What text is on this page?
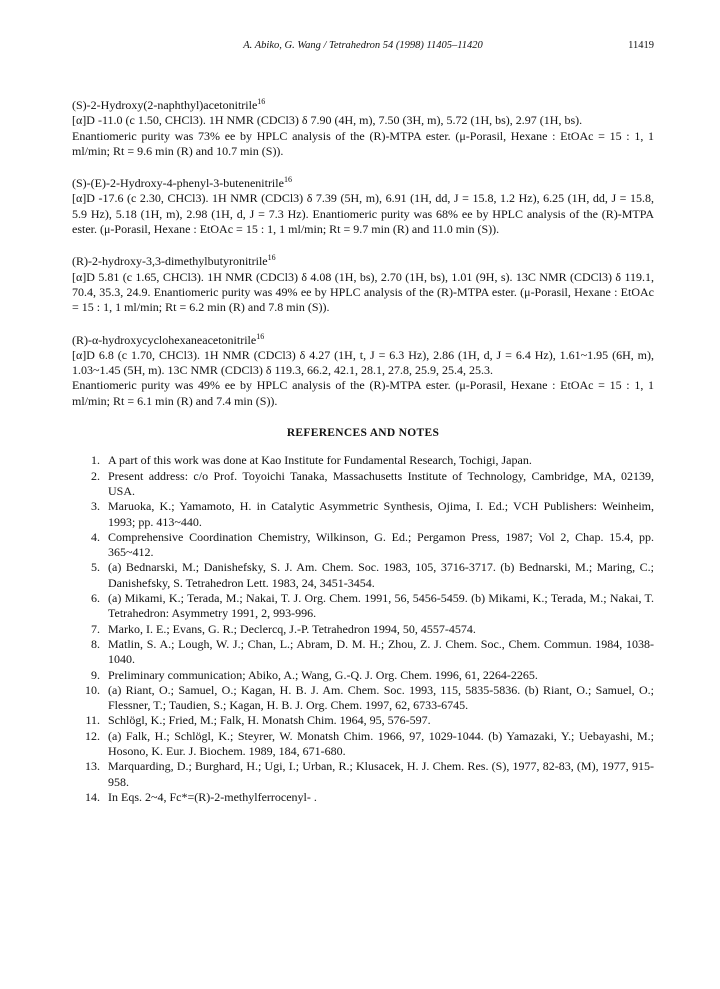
A. Abiko, G. Wang / Tetrahedron 54 (1998) 11405–11420	11419

(S)-2-Hydroxy(2-naphthyl)acetonitrile$^{16}$

[α]D -11.0 (c 1.50, CHCl3). 1H NMR (CDCl3) δ 7.90 (4H, m), 7.50 (3H, m), 5.72 (1H, bs), 2.97 (1H, bs).

Enantiomeric purity was 73% ee by HPLC analysis of the (R)-MTPA ester. (μ-Porasil, Hexane : EtOAc = 15 : 1, 1 ml/min; Rt = 9.6 min (R) and 10.7 min (S)).

(S)-(E)-2-Hydroxy-4-phenyl-3-butenenitrile$^{16}$

[α]D -17.6 (c 2.30, CHCl3). 1H NMR (CDCl3) δ 7.39 (5H, m), 6.91 (1H, dd, J = 15.8, 1.2 Hz), 6.25 (1H, dd, J = 15.8, 5.9 Hz), 5.18 (1H, m), 2.98 (1H, d, J = 7.3 Hz). Enantiomeric purity was 68% ee by HPLC analysis of the (R)-MTPA ester. (μ-Porasil, Hexane : EtOAc = 15 : 1, 1 ml/min; Rt = 9.7 min (R) and 11.0 min (S)).

(R)-2-hydroxy-3,3-dimethylbutyronitrile$^{16}$

[α]D 5.81 (c 1.65, CHCl3). 1H NMR (CDCl3) δ 4.08 (1H, bs), 2.70 (1H, bs), 1.01 (9H, s). 13C NMR (CDCl3) δ 119.1, 70.4, 35.3, 24.9. Enantiomeric purity was 49% ee by HPLC analysis of the (R)-MTPA ester. (μ-Porasil, Hexane : EtOAc = 15 : 1, 1 ml/min; Rt = 6.2 min (R) and 7.8 min (S)).

(R)-α-hydroxycyclohexaneacetonitrile$^{16}$

[α]D 6.8 (c 1.70, CHCl3). 1H NMR (CDCl3) δ 4.27 (1H, t, J = 6.3 Hz), 2.86 (1H, d, J = 6.4 Hz), 1.61~1.95 (6H, m), 1.03~1.45 (5H, m). 13C NMR (CDCl3) δ 119.3, 66.2, 42.1, 28.1, 27.8, 25.9, 25.4, 25.3.

Enantiomeric purity was 49% ee by HPLC analysis of the (R)-MTPA ester. (μ-Porasil, Hexane : EtOAc = 15 : 1, 1 ml/min; Rt = 6.1 min (R) and 7.4 min (S)).

REFERENCES AND NOTES
1. A part of this work was done at Kao Institute for Fundamental Research, Tochigi, Japan.
2. Present address: c/o Prof. Toyoichi Tanaka, Massachusetts Institute of Technology, Cambridge, MA, 02139, USA.
3. Maruoka, K.; Yamamoto, H. in Catalytic Asymmetric Synthesis, Ojima, I. Ed.; VCH Publishers: Weinheim, 1993; pp. 413~440.
4. Comprehensive Coordination Chemistry, Wilkinson, G. Ed.; Pergamon Press, 1987; Vol 2, Chap. 15.4, pp. 365~412.
5. (a) Bednarski, M.; Danishefsky, S. J. Am. Chem. Soc. 1983, 105, 3716-3717. (b) Bednarski, M.; Maring, C.; Danishefsky, S. Tetrahedron Lett. 1983, 24, 3451-3454.
6. (a) Mikami, K.; Terada, M.; Nakai, T. J. Org. Chem. 1991, 56, 5456-5459. (b) Mikami, K.; Terada, M.; Nakai, T. Tetrahedron: Asymmetry 1991, 2, 993-996.
7. Marko, I. E.; Evans, G. R.; Declercq, J.-P. Tetrahedron 1994, 50, 4557-4574.
8. Matlin, S. A.; Lough, W. J.; Chan, L.; Abram, D. M. H.; Zhou, Z. J. Chem. Soc., Chem. Commun. 1984, 1038-1040.
9. Preliminary communication; Abiko, A.; Wang, G.-Q. J. Org. Chem. 1996, 61, 2264-2265.
10. (a) Riant, O.; Samuel, O.; Kagan, H. B. J. Am. Chem. Soc. 1993, 115, 5835-5836. (b) Riant, O.; Samuel, O.; Flessner, T.; Taudien, S.; Kagan, H. B. J. Org. Chem. 1997, 62, 6733-6745.
11. Schlögl, K.; Fried, M.; Falk, H. Monatsh Chim. 1964, 95, 576-597.
12. (a) Falk, H.; Schlögl, K.; Steyrer, W. Monatsh Chim. 1966, 97, 1029-1044. (b) Yamazaki, Y.; Uebayashi, M.; Hosono, K. Eur. J. Biochem. 1989, 184, 671-680.
13. Marquarding, D.; Burghard, H.; Ugi, I.; Urban, R.; Klusacek, H. J. Chem. Res. (S), 1977, 82-83, (M), 1977, 915-958.
14. In Eqs. 2~4, Fc*=(R)-2-methylferrocenyl- .
